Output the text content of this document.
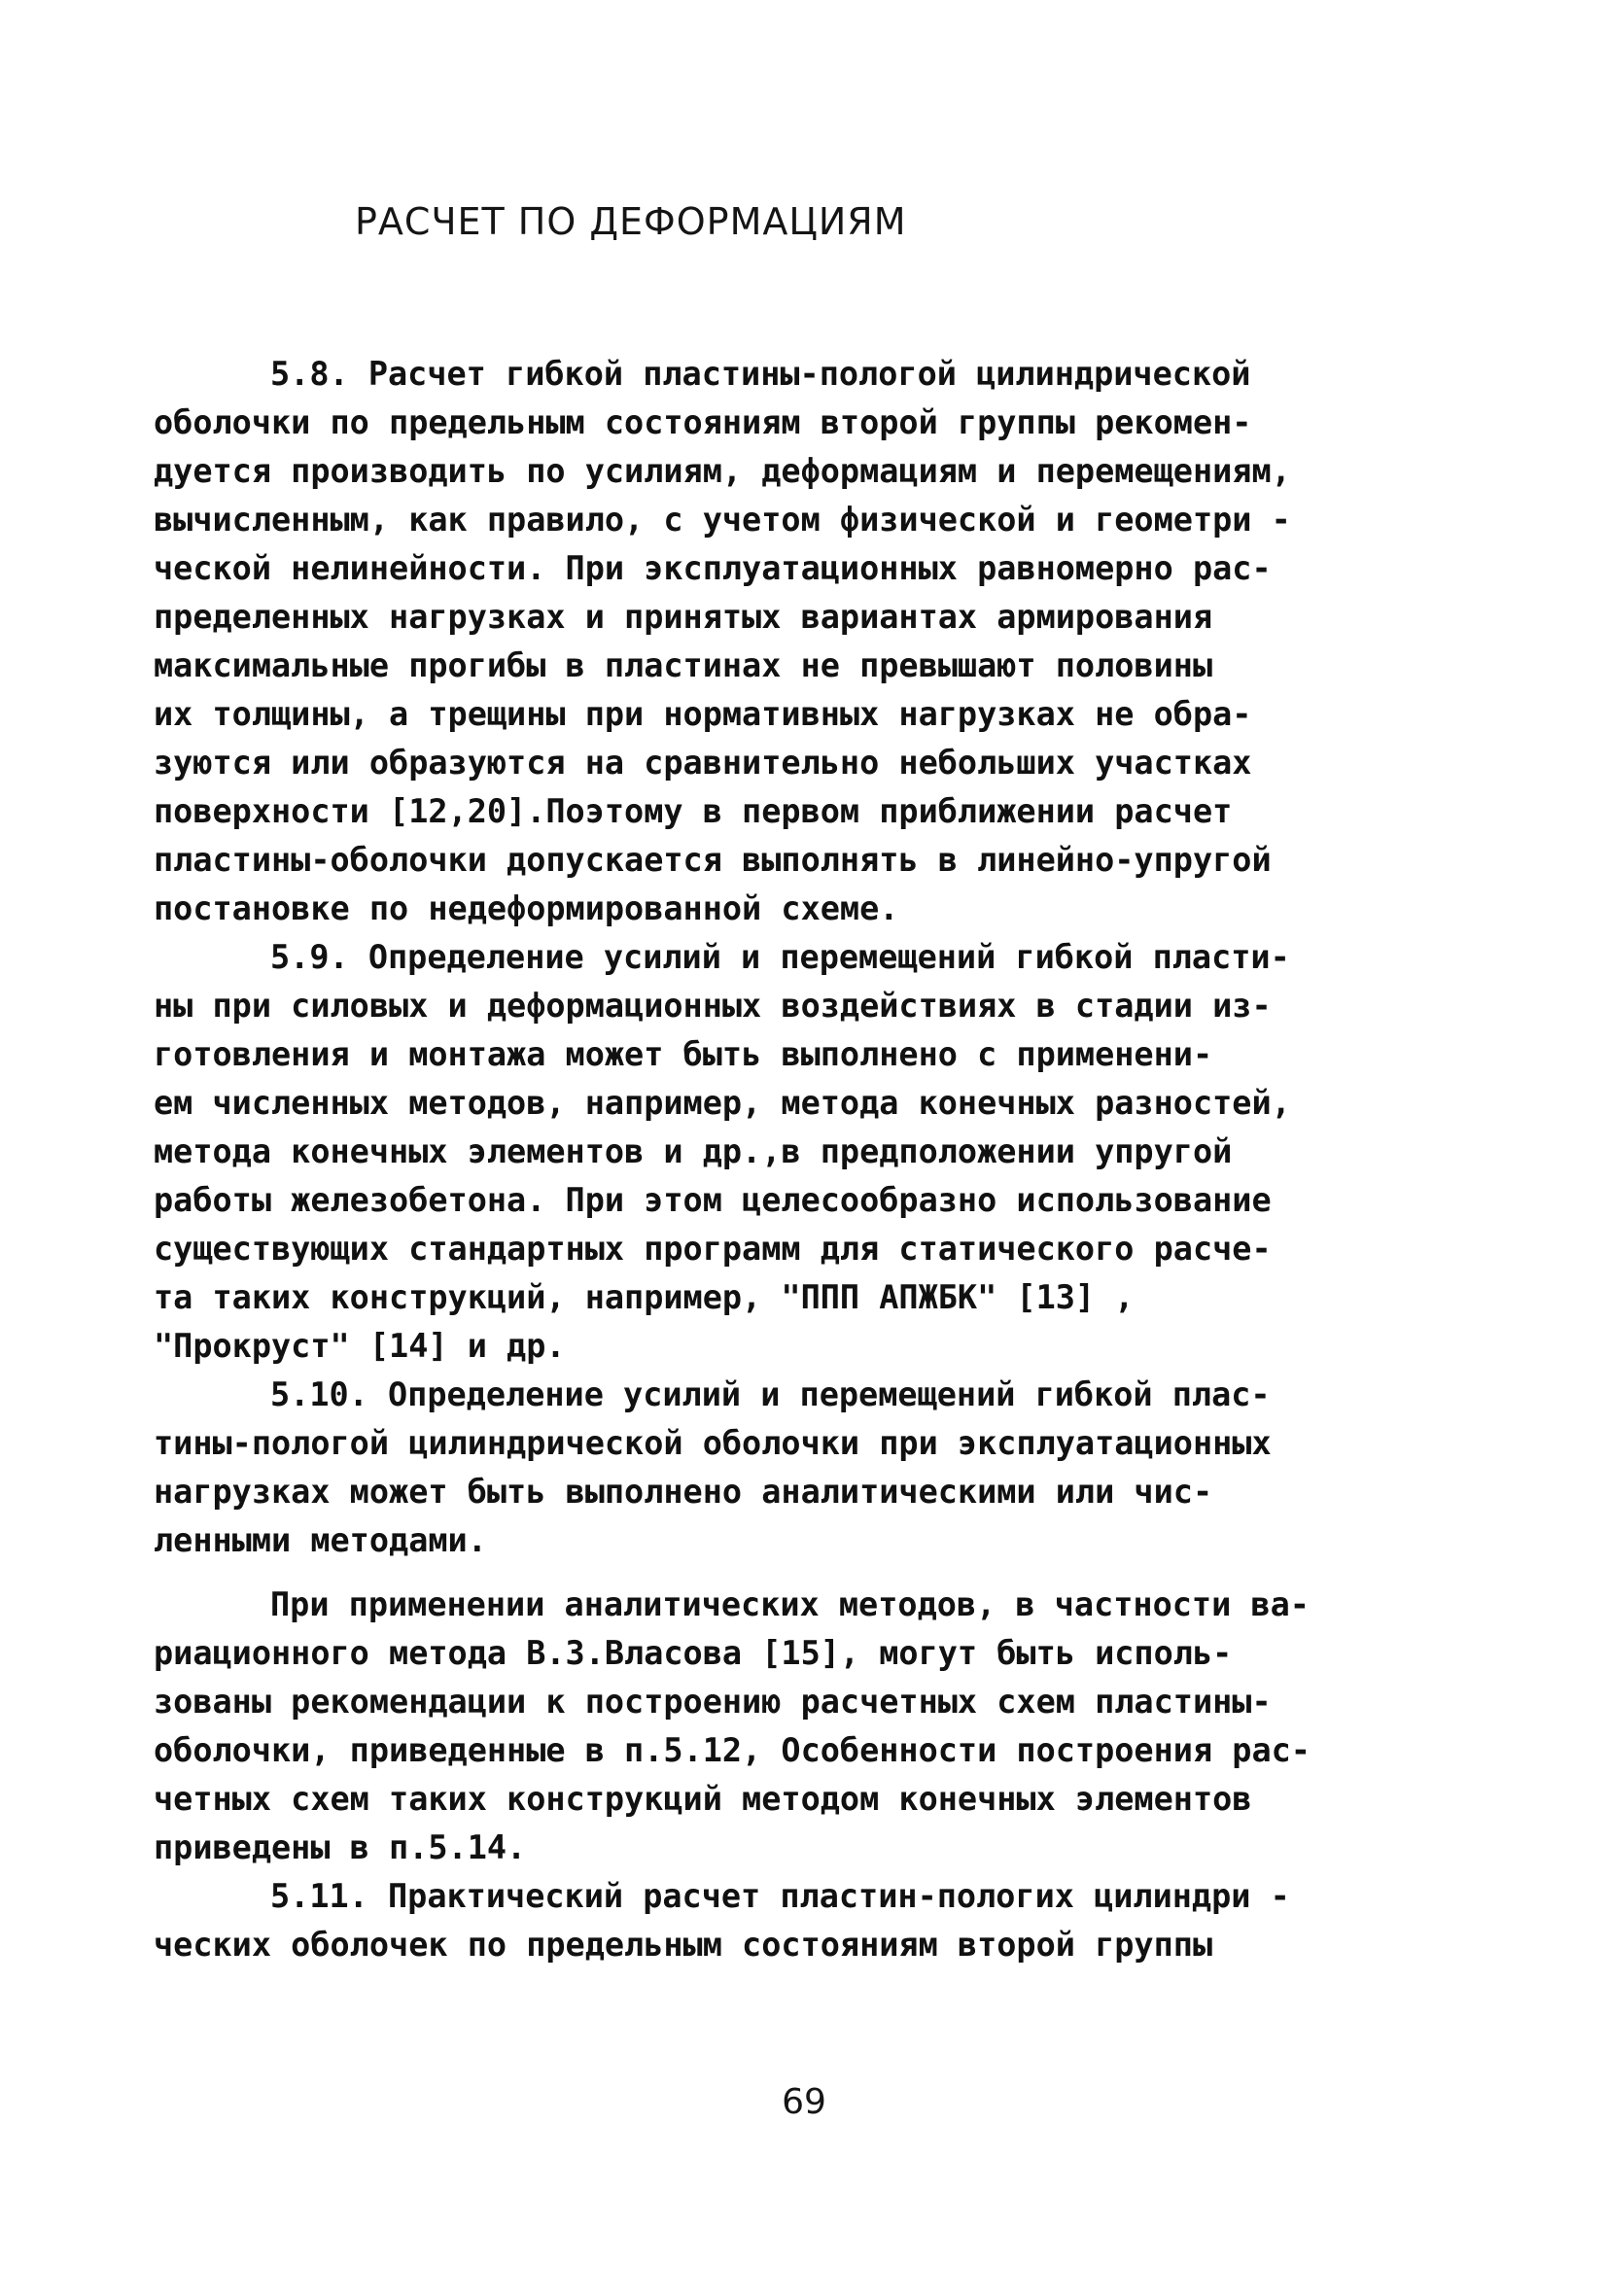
РАСЧЕТ ПО ДЕФОРМАЦИЯМ
5.8. Расчет гибкой пластины-пологой цилиндрической
оболочки по предельным состояниям второй группы рекомен-
дуется производить по усилиям, деформациям и перемещениям,
вычисленным, как правило, с учетом физической и геометри -
ческой нелинейности. При эксплуатационных равномерно рас-
пределенных нагрузках и принятых вариантах армирования
максимальные прогибы в пластинах не превышают половины
их толщины, а трещины при нормативных нагрузках не обра-
зуются или образуются на сравнительно небольших участках
поверхности [12,20].Поэтому в первом приближении расчет
пластины-оболочки допускается выполнять в линейно-упругой
постановке по недеформированной схеме.
5.9. Определение усилий и перемещений гибкой пласти-
ны при силовых и деформационных воздействиях в стадии из-
готовления и монтажа может быть выполнено с применени-
ем численных методов, например, метода конечных разностей,
метода конечных элементов и др.,в предположении упругой
работы железобетона. При этом целесообразно использование
существующих стандартных программ для статического расче-
та таких конструкций, например, "ППП АПЖБК" [13] ,
"Прокруст" [14] и др.
5.10. Определение усилий и перемещений гибкой плас-
тины-пологой цилиндрической оболочки при эксплуатационных
нагрузках может быть выполнено аналитическими или чис-
ленными методами.
При применении аналитических методов, в частности ва-
риационного метода В.З.Власова [15], могут быть исполь-
зованы рекомендации к построению расчетных схем пластины-
оболочки, приведенные в п.5.12, Особенности построения рас-
четных схем таких конструкций методом конечных элементов
приведены в п.5.14.
5.11. Практический расчет пластин-пологих цилиндри -
ческих оболочек по предельным состояниям второй группы
69
